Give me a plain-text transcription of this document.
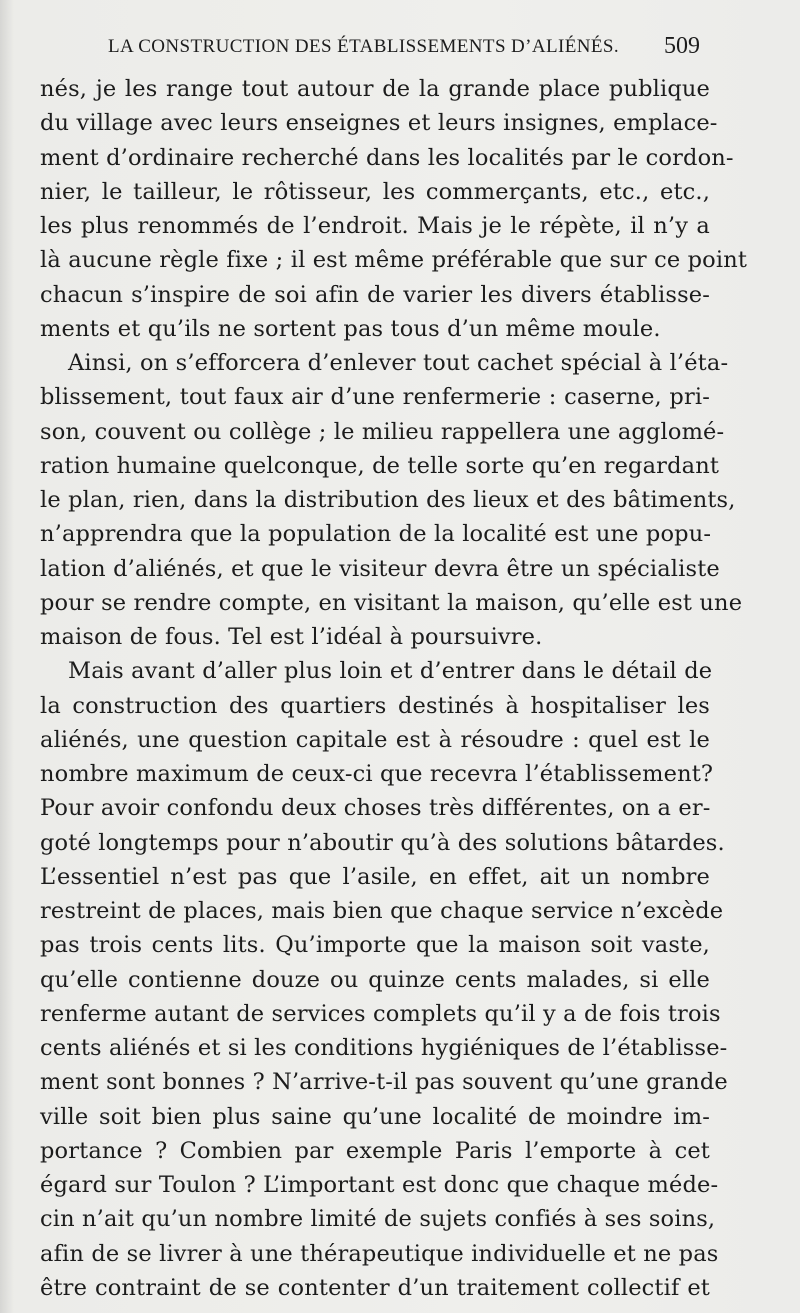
LA CONSTRUCTION DES ÉTABLISSEMENTS D’ALIÉNÉS. 509
nés, je les range tout autour de la grande place publique
du village avec leurs enseignes et leurs insignes, emplace-
ment d’ordinaire recherché dans les localités par le cordon-
nier, le tailleur, le rôtisseur, les commerçants, etc., etc.,
les plus renommés de l’endroit. Mais je le répète, il n’y a
là aucune règle fixe ; il est même préférable que sur ce point
chacun s’inspire de soi afin de varier les divers établisse-
ments et qu’ils ne sortent pas tous d’un même moule.
Ainsi, on s’efforcera d’enlever tout cachet spécial à l’éta-
blissement, tout faux air d’une renfermerie : caserne, pri-
son, couvent ou collège ; le milieu rappellera une agglomé-
ration humaine quelconque, de telle sorte qu’en regardant
le plan, rien, dans la distribution des lieux et des bâtiments,
n’apprendra que la population de la localité est une popu-
lation d’aliénés, et que le visiteur devra être un spécialiste
pour se rendre compte, en visitant la maison, qu’elle est une
maison de fous. Tel est l’idéal à poursuivre.
Mais avant d’aller plus loin et d’entrer dans le détail de
la construction des quartiers destinés à hospitaliser les
aliénés, une question capitale est à résoudre : quel est le
nombre maximum de ceux-ci que recevra l’établissement?
Pour avoir confondu deux choses très différentes, on a er-
goté longtemps pour n’aboutir qu’à des solutions bâtardes.
L’essentiel n’est pas que l’asile, en effet, ait un nombre
restreint de places, mais bien que chaque service n’excède
pas trois cents lits. Qu’importe que la maison soit vaste,
qu’elle contienne douze ou quinze cents malades, si elle
renferme autant de services complets qu’il y a de fois trois
cents aliénés et si les conditions hygiéniques de l’établisse-
ment sont bonnes ? N’arrive-t-il pas souvent qu’une grande
ville soit bien plus saine qu’une localité de moindre im-
portance ? Combien par exemple Paris l’emporte à cet
égard sur Toulon ? L’important est donc que chaque méde-
cin n’ait qu’un nombre limité de sujets confiés à ses soins,
afin de se livrer à une thérapeutique individuelle et ne pas
être contraint de se contenter d’un traitement collectif et
